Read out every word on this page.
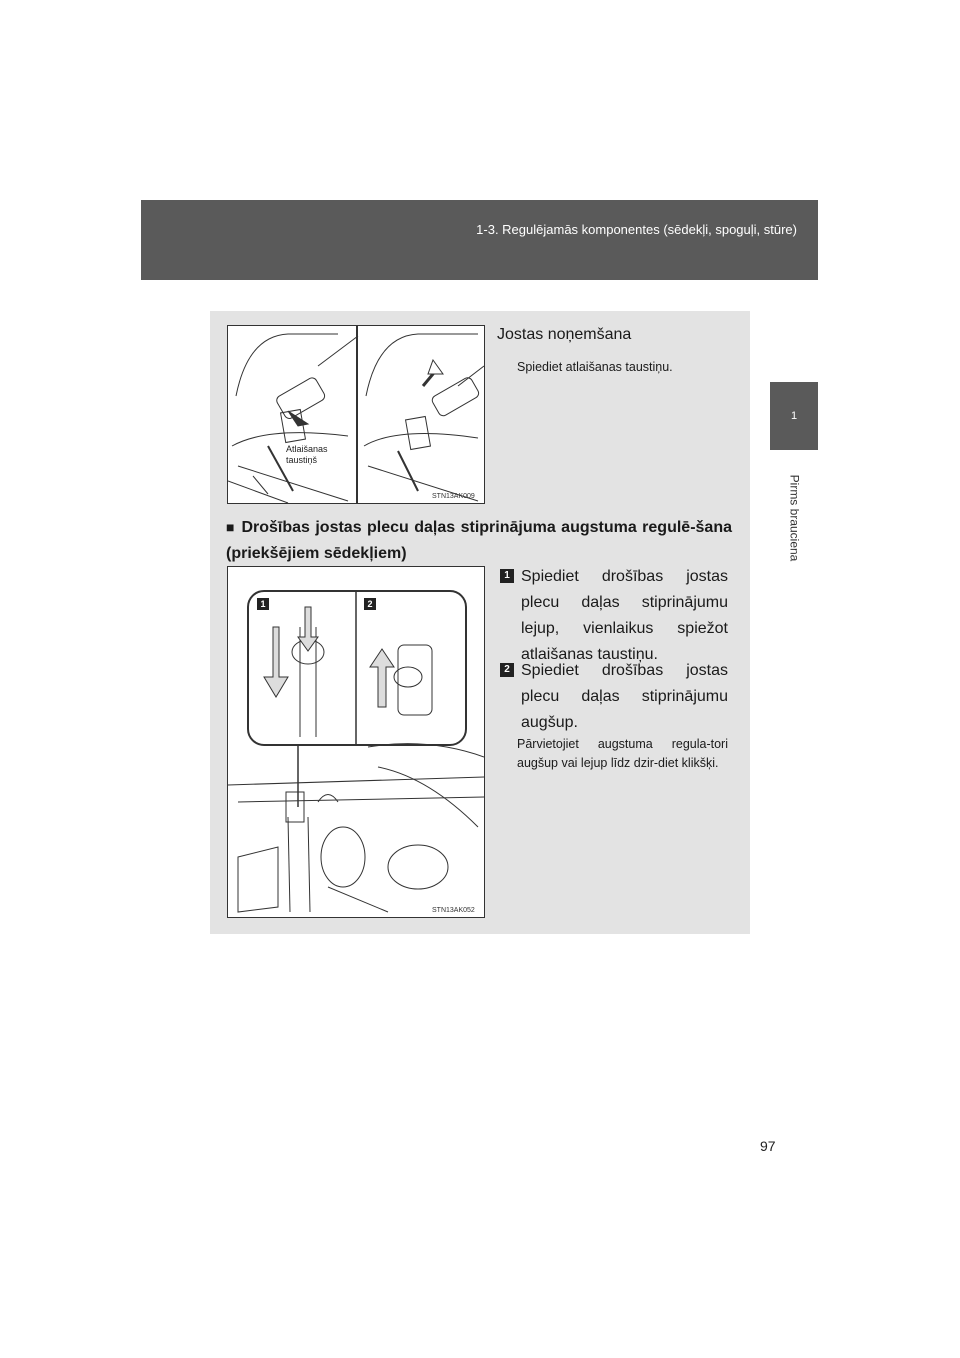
1-3. Regulējamās komponentes (sēdekļi, spoguļi, stūre)
1
Pirms brauciena
Atlaišanas
taustiņš
STN13AK009
Jostas noņemšana
Spiediet atlaišanas taustiņu.
■ Drošības jostas plecu daļas stiprinājuma augstuma regulē-šana (priekšējiem sēdekļiem)
1	2
STN13AK052
1 Spiediet drošības jostas plecu daļas stiprinājumu lejup, vienlaikus spiežot atlaišanas taustiņu.
2 Spiediet drošības jostas plecu daļas stiprinājumu augšup.
Pārvietojiet augstuma regula-tori augšup vai lejup līdz dzir-diet klikšķi.
97
